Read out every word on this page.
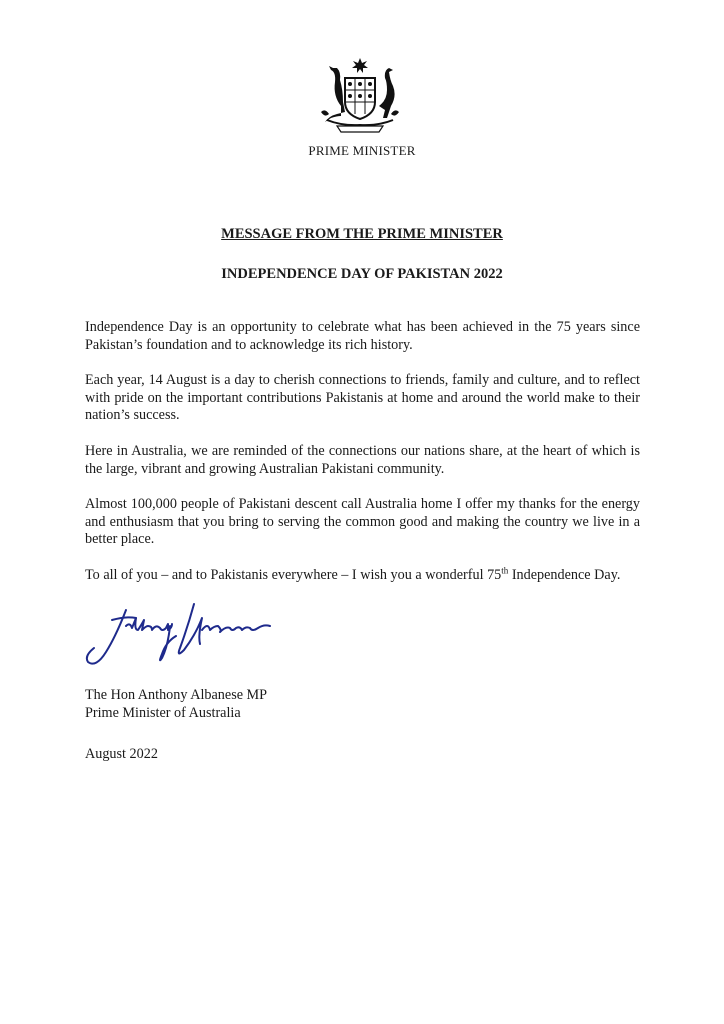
PRIME MINISTER
MESSAGE FROM THE PRIME MINISTER
INDEPENDENCE DAY OF PAKISTAN 2022

Independence Day is an opportunity to celebrate what has been achieved in the 75 years since Pakistan’s foundation and to acknowledge its rich history.

Each year, 14 August is a day to cherish connections to friends, family and culture, and to reflect with pride on the important contributions Pakistanis at home and around the world make to their nation’s success.

Here in Australia, we are reminded of the connections our nations share, at the heart of which is the large, vibrant and growing Australian Pakistani community.

Almost 100,000 people of Pakistani descent call Australia home I offer my thanks for the energy and enthusiasm that you bring to serving the common good and making the country we live in a better place.

To all of you – and to Pakistanis everywhere – I wish you a wonderful 75th Independence Day.

The Hon Anthony Albanese MP
Prime Minister of Australia
August 2022
